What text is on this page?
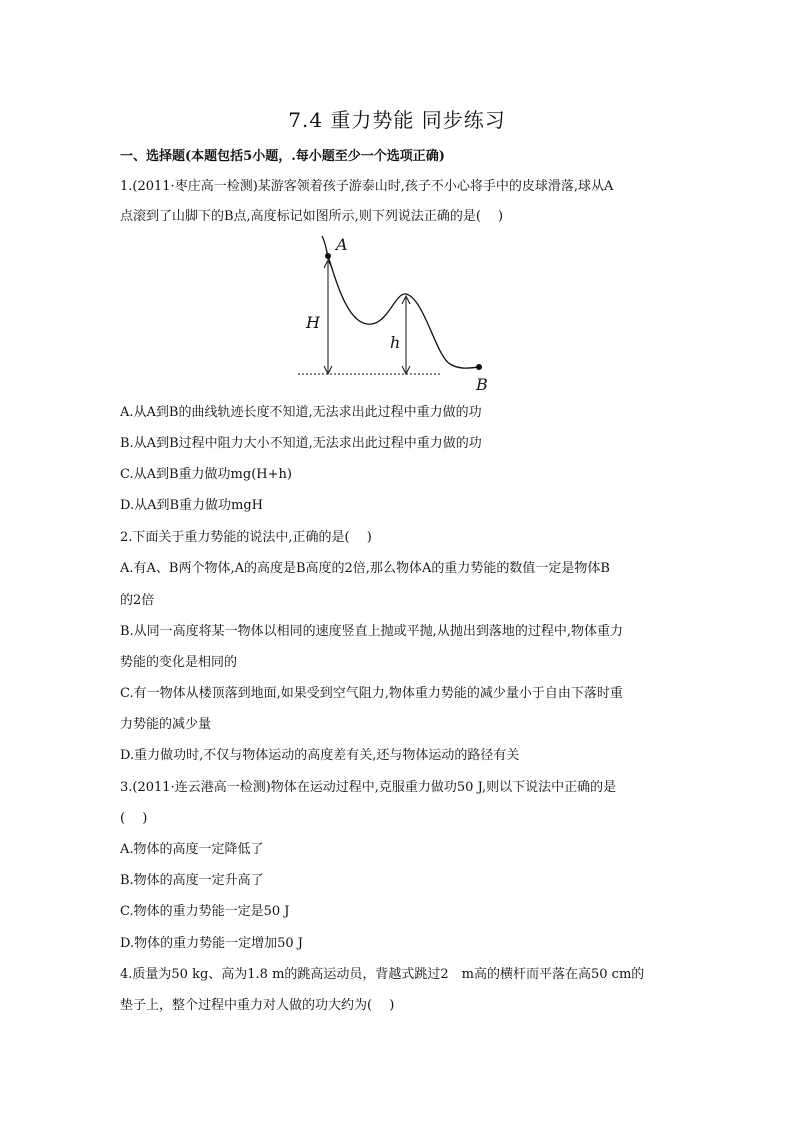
7.4 重力势能 同步练习
一、选择题(本题包括5小题，.每小题至少一个选项正确)
1.(2011·枣庄高一检测)某游客领着孩子游泰山时,孩子不小心将手中的皮球滑落,球从A
点滚到了山脚下的B点,高度标记如图所示,则下列说法正确的是(　 )
A
B
H
h
A.从A到B的曲线轨迹长度不知道,无法求出此过程中重力做的功
B.从A到B过程中阻力大小不知道,无法求出此过程中重力做的功
C.从A到B重力做功mg(H+h)
D.从A到B重力做功mgH
2.下面关于重力势能的说法中,正确的是(　 )
A.有A、B两个物体,A的高度是B高度的2倍,那么物体A的重力势能的数值一定是物体B
的2倍
B.从同一高度将某一物体以相同的速度竖直上抛或平抛,从抛出到落地的过程中,物体重力
势能的变化是相同的
C.有一物体从楼顶落到地面,如果受到空气阻力,物体重力势能的减少量小于自由下落时重
力势能的减少量
D.重力做功时,不仅与物体运动的高度差有关,还与物体运动的路径有关
3.(2011·连云港高一检测)物体在运动过程中,克服重力做功50 J,则以下说法中正确的是
(　 )
A.物体的高度一定降低了
B.物体的高度一定升高了
C.物体的重力势能一定是50 J
D.物体的重力势能一定增加50 J
4.质量为50 kg、高为1.8 m的跳高运动员，背越式跳过2　m高的横杆而平落在高50 cm的
垫子上，整个过程中重力对人做的功大约为(　 )
